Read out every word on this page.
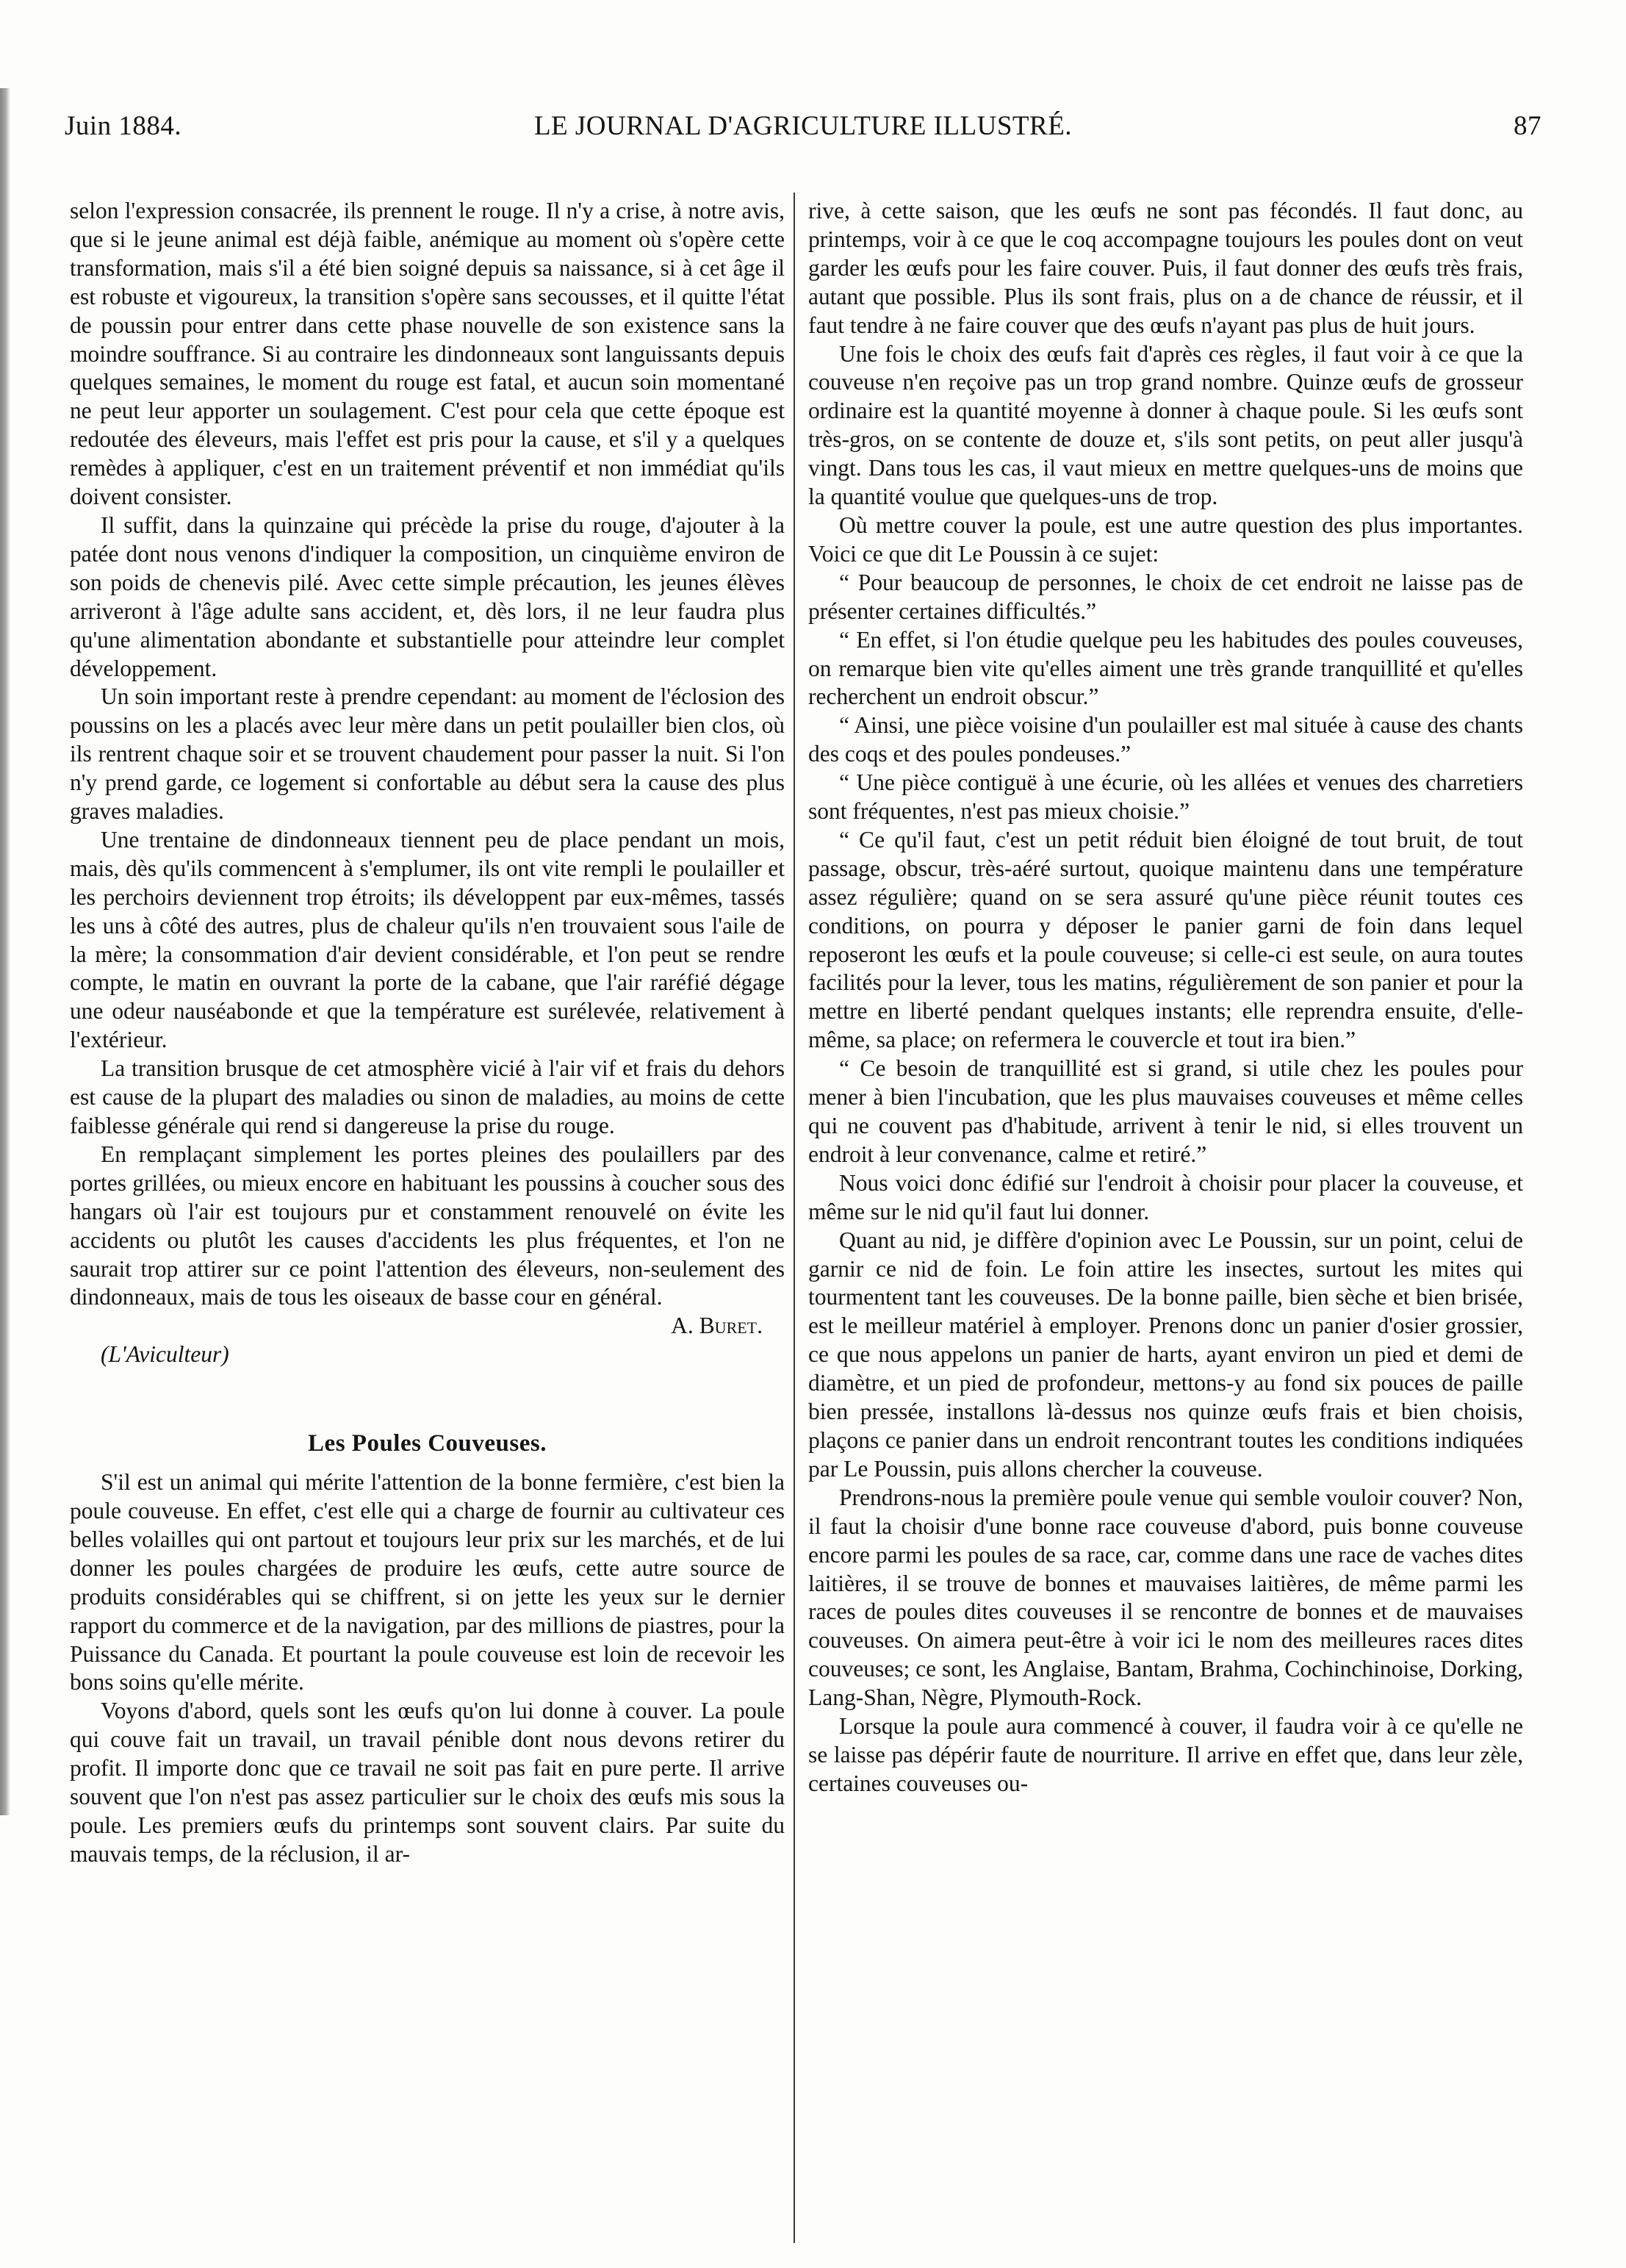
Juin 1884.	LE JOURNAL D'AGRICULTURE ILLUSTRÉ.	87

selon l'expression consacrée, ils prennent le rouge. Il n'y a crise, à notre avis, que si le jeune animal est déjà faible, anémique au moment où s'opère cette transformation, mais s'il a été bien soigné depuis sa naissance, si à cet âge il est robuste et vigoureux, la transition s'opère sans secousses, et il quitte l'état de poussin pour entrer dans cette phase nouvelle de son existence sans la moindre souffrance. Si au contraire les dindonneaux sont languissants depuis quelques semaines, le moment du rouge est fatal, et aucun soin momentané ne peut leur apporter un soulagement. C'est pour cela que cette époque est redoutée des éleveurs, mais l'effet est pris pour la cause, et s'il y a quelques remèdes à appliquer, c'est en un traitement préventif et non immédiat qu'ils doivent consister.

Il suffit, dans la quinzaine qui précède la prise du rouge, d'ajouter à la patée dont nous venons d'indiquer la composition, un cinquième environ de son poids de chenevis pilé. Avec cette simple précaution, les jeunes élèves arriveront à l'âge adulte sans accident, et, dès lors, il ne leur faudra plus qu'une alimentation abondante et substantielle pour atteindre leur complet développement.

Un soin important reste à prendre cependant: au moment de l'éclosion des poussins on les a placés avec leur mère dans un petit poulailler bien clos, où ils rentrent chaque soir et se trouvent chaudement pour passer la nuit. Si l'on n'y prend garde, ce logement si confortable au début sera la cause des plus graves maladies.

Une trentaine de dindonneaux tiennent peu de place pendant un mois, mais, dès qu'ils commencent à s'emplumer, ils ont vite rempli le poulailler et les perchoirs deviennent trop étroits; ils développent par eux-mêmes, tassés les uns à côté des autres, plus de chaleur qu'ils n'en trouvaient sous l'aile de la mère; la consommation d'air devient considérable, et l'on peut se rendre compte, le matin en ouvrant la porte de la cabane, que l'air raréfié dégage une odeur nauséabonde et que la température est surélevée, relativement à l'extérieur.

La transition brusque de cet atmosphère vicié à l'air vif et frais du dehors est cause de la plupart des maladies ou sinon de maladies, au moins de cette faiblesse générale qui rend si dangereuse la prise du rouge.

En remplaçant simplement les portes pleines des poulaillers par des portes grillées, ou mieux encore en habituant les poussins à coucher sous des hangars où l'air est toujours pur et constamment renouvelé on évite les accidents ou plutôt les causes d'accidents les plus fréquentes, et l'on ne saurait trop attirer sur ce point l'attention des éleveurs, non-seulement des dindonneaux, mais de tous les oiseaux de basse cour en général.

A. Buret.

(L'Aviculteur)

Les Poules Couveuses.

S'il est un animal qui mérite l'attention de la bonne fermière, c'est bien la poule couveuse. En effet, c'est elle qui a charge de fournir au cultivateur ces belles volailles qui ont partout et toujours leur prix sur les marchés, et de lui donner les poules chargées de produire les œufs, cette autre source de produits considérables qui se chiffrent, si on jette les yeux sur le dernier rapport du commerce et de la navigation, par des millions de piastres, pour la Puissance du Canada. Et pourtant la poule couveuse est loin de recevoir les bons soins qu'elle mérite.

Voyons d'abord, quels sont les œufs qu'on lui donne à couver. La poule qui couve fait un travail, un travail pénible dont nous devons retirer du profit. Il importe donc que ce travail ne soit pas fait en pure perte. Il arrive souvent que l'on n'est pas assez particulier sur le choix des œufs mis sous la poule. Les premiers œufs du printemps sont souvent clairs. Par suite du mauvais temps, de la réclusion, il ar-

rive, à cette saison, que les œufs ne sont pas fécondés. Il faut donc, au printemps, voir à ce que le coq accompagne toujours les poules dont on veut garder les œufs pour les faire couver. Puis, il faut donner des œufs très frais, autant que possible. Plus ils sont frais, plus on a de chance de réussir, et il faut tendre à ne faire couver que des œufs n'ayant pas plus de huit jours.

Une fois le choix des œufs fait d'après ces règles, il faut voir à ce que la couveuse n'en reçoive pas un trop grand nombre. Quinze œufs de grosseur ordinaire est la quantité moyenne à donner à chaque poule. Si les œufs sont très-gros, on se contente de douze et, s'ils sont petits, on peut aller jusqu'à vingt. Dans tous les cas, il vaut mieux en mettre quelques-uns de moins que la quantité voulue que quelques-uns de trop.

Où mettre couver la poule, est une autre question des plus importantes. Voici ce que dit Le Poussin à ce sujet:

“ Pour beaucoup de personnes, le choix de cet endroit ne laisse pas de présenter certaines difficultés.”

“ En effet, si l'on étudie quelque peu les habitudes des poules couveuses, on remarque bien vite qu'elles aiment une très grande tranquillité et qu'elles recherchent un endroit obscur.”

“ Ainsi, une pièce voisine d'un poulailler est mal située à cause des chants des coqs et des poules pondeuses.”

“ Une pièce contiguë à une écurie, où les allées et venues des charretiers sont fréquentes, n'est pas mieux choisie.”

“ Ce qu'il faut, c'est un petit réduit bien éloigné de tout bruit, de tout passage, obscur, très-aéré surtout, quoique maintenu dans une température assez régulière; quand on se sera assuré qu'une pièce réunit toutes ces conditions, on pourra y déposer le panier garni de foin dans lequel reposeront les œufs et la poule couveuse; si celle-ci est seule, on aura toutes facilités pour la lever, tous les matins, régulièrement de son panier et pour la mettre en liberté pendant quelques instants; elle reprendra ensuite, d'elle-même, sa place; on refermera le couvercle et tout ira bien.”

“ Ce besoin de tranquillité est si grand, si utile chez les poules pour mener à bien l'incubation, que les plus mauvaises couveuses et même celles qui ne couvent pas d'habitude, arrivent à tenir le nid, si elles trouvent un endroit à leur convenance, calme et retiré.”

Nous voici donc édifié sur l'endroit à choisir pour placer la couveuse, et même sur le nid qu'il faut lui donner.

Quant au nid, je diffère d'opinion avec Le Poussin, sur un point, celui de garnir ce nid de foin. Le foin attire les insectes, surtout les mites qui tourmentent tant les couveuses. De la bonne paille, bien sèche et bien brisée, est le meilleur matériel à employer. Prenons donc un panier d'osier grossier, ce que nous appelons un panier de harts, ayant environ un pied et demi de diamètre, et un pied de profondeur, mettons-y au fond six pouces de paille bien pressée, installons là-dessus nos quinze œufs frais et bien choisis, plaçons ce panier dans un endroit rencontrant toutes les conditions indiquées par Le Poussin, puis allons chercher la couveuse.

Prendrons-nous la première poule venue qui semble vouloir couver? Non, il faut la choisir d'une bonne race couveuse d'abord, puis bonne couveuse encore parmi les poules de sa race, car, comme dans une race de vaches dites laitières, il se trouve de bonnes et mauvaises laitières, de même parmi les races de poules dites couveuses il se rencontre de bonnes et de mauvaises couveuses. On aimera peut-être à voir ici le nom des meilleures races dites couveuses; ce sont, les Anglaise, Bantam, Brahma, Cochinchinoise, Dorking, Lang-Shan, Nègre, Plymouth-Rock.

Lorsque la poule aura commencé à couver, il faudra voir à ce qu'elle ne se laisse pas dépérir faute de nourriture. Il arrive en effet que, dans leur zèle, certaines couveuses ou-
